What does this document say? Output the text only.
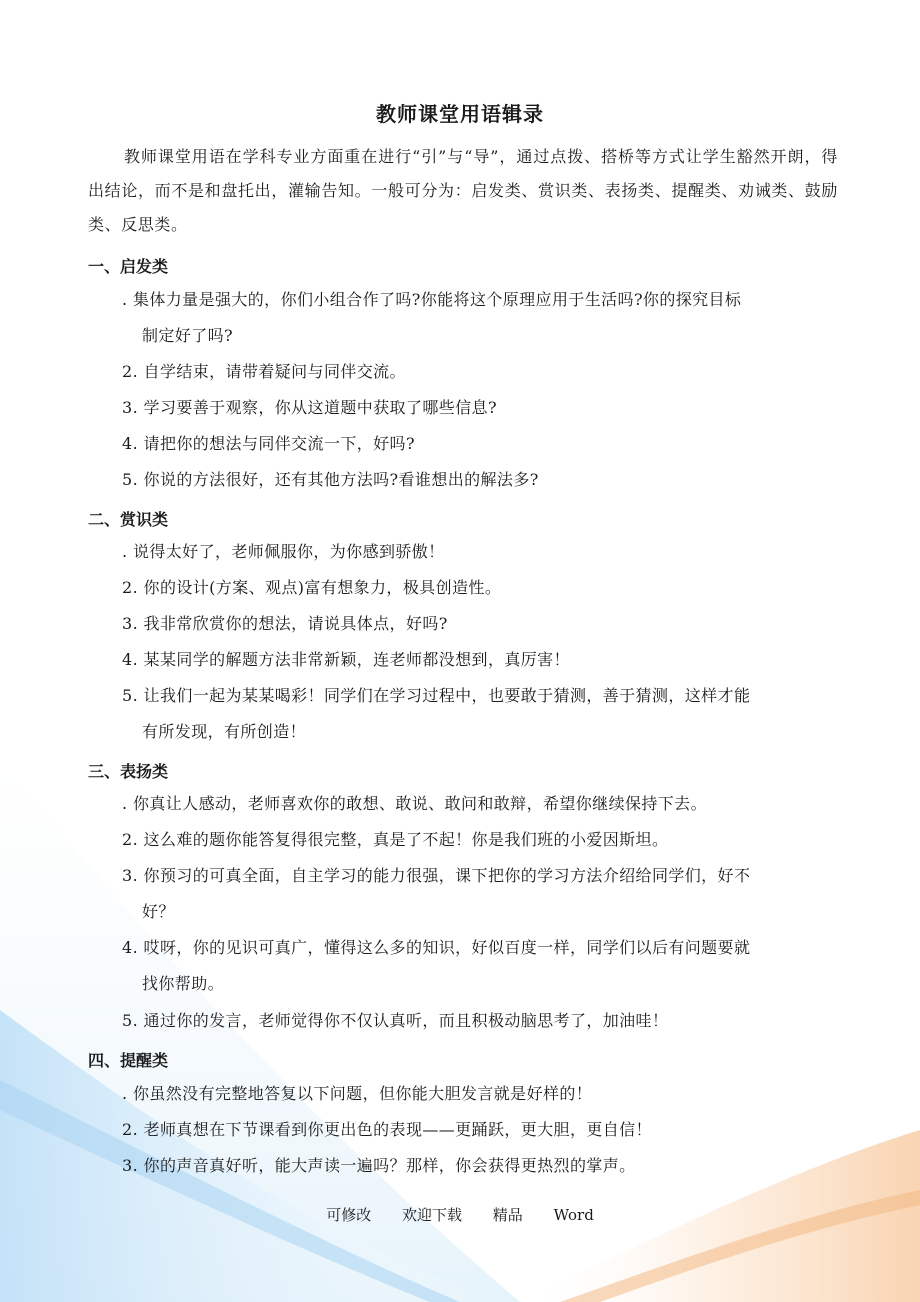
教师课堂用语辑录
教师课堂用语在学科专业方面重在进行“引”与“导”，通过点拨、搭桥等方式让学生豁然开朗，得出结论，而不是和盘托出，灌输告知。一般可分为：启发类、赏识类、表扬类、提醒类、劝诫类、鼓励类、反思类。
一、启发类
. 集体力量是强大的，你们小组合作了吗?你能将这个原理应用于生活吗?你的探究目标
制定好了吗?
2. 自学结束，请带着疑问与同伴交流。
3. 学习要善于观察，你从这道题中获取了哪些信息?
4. 请把你的想法与同伴交流一下，好吗?
5. 你说的方法很好，还有其他方法吗?看谁想出的解法多?
二、赏识类
. 说得太好了，老师佩服你，为你感到骄傲！
2. 你的设计(方案、观点)富有想象力，极具创造性。
3. 我非常欣赏你的想法，请说具体点，好吗?
4. 某某同学的解题方法非常新颖，连老师都没想到，真厉害！
5. 让我们一起为某某喝彩！同学们在学习过程中，也要敢于猜测，善于猜测，这样才能
有所发现，有所创造！
三、表扬类
. 你真让人感动，老师喜欢你的敢想、敢说、敢问和敢辩，希望你继续保持下去。
2. 这么难的题你能答复得很完整，真是了不起！你是我们班的小爱因斯坦。
3. 你预习的可真全面，自主学习的能力很强，课下把你的学习方法介绍给同学们，好不
好？
4. 哎呀，你的见识可真广，懂得这么多的知识，好似百度一样，同学们以后有问题要就
找你帮助。
5. 通过你的发言，老师觉得你不仅认真听，而且积极动脑思考了，加油哇！
四、提醒类
. 你虽然没有完整地答复以下问题，但你能大胆发言就是好样的！
2. 老师真想在下节课看到你更出色的表现——更踊跃，更大胆，更自信！
3. 你的声音真好听，能大声读一遍吗？那样，你会获得更热烈的掌声。
可修改 欢迎下载 精品 Word
